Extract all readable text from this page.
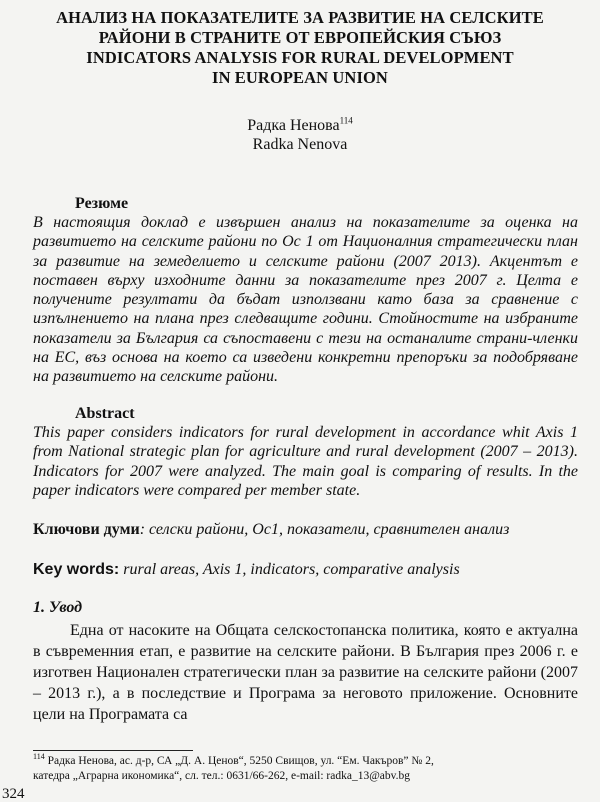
АНАЛИЗ НА ПОКАЗАТЕЛИТЕ ЗА РАЗВИТИЕ НА СЕЛСКИТЕ
РАЙОНИ В СТРАНИТЕ ОТ ЕВРОПЕЙСКИЯ СЪЮЗ
INDICATORS ANALYSIS FOR RURAL DEVELOPMENT
IN EUROPEAN UNION
Радка Ненова$^{114}$
Radka Nenova
Резюме
В настоящия доклад е извършен анализ на показателите за оценка на развитието на селските райони по Ос 1 от Националния стратегически план за развитие на земеделието и селските райони (2007 2013). Акцентът е поставен върху изходните данни за показателите през 2007 г. Целта е получените резултати да бъдат използвани като база за сравнение с изпълнението на плана през следващите години. Стойностите на избраните показатели за България са съпоставени с тези на останалите страни-членки на ЕС, въз основа на което са изведени конкретни препоръки за подобряване на развитието на селските райони.
Abstract
This paper considers indicators for rural development in accordance whit Axis 1 from National strategic plan for agriculture and rural development (2007 – 2013). Indicators for 2007 were analyzed. The main goal is comparing of results. In the paper indicators were compared per member state.
Ключови думи: селски райони, Ос1, показатели, сравнителен анализ
Key words: rural areas, Axis 1, indicators, comparative analysis
1. Увод
Една от насоките на Общата селскостопанска политика, която е актуална в съвременния етап, е развитие на селските райони. В България през 2006 г. е изготвен Национален стратегически план за развитие на селските райони (2007 – 2013 г.), а в последствие и Програма за неговото приложение. Основните цели на Програмата са
$^{114}$ Радка Ненова, ас. д-р, СА „Д. А. Ценов“, 5250 Свищов, ул. “Ем. Чакъров” № 2,
катедра „Аграрна икономика“, сл. тел.: 0631/66-262, e-mail: radka_13@abv.bg
324
